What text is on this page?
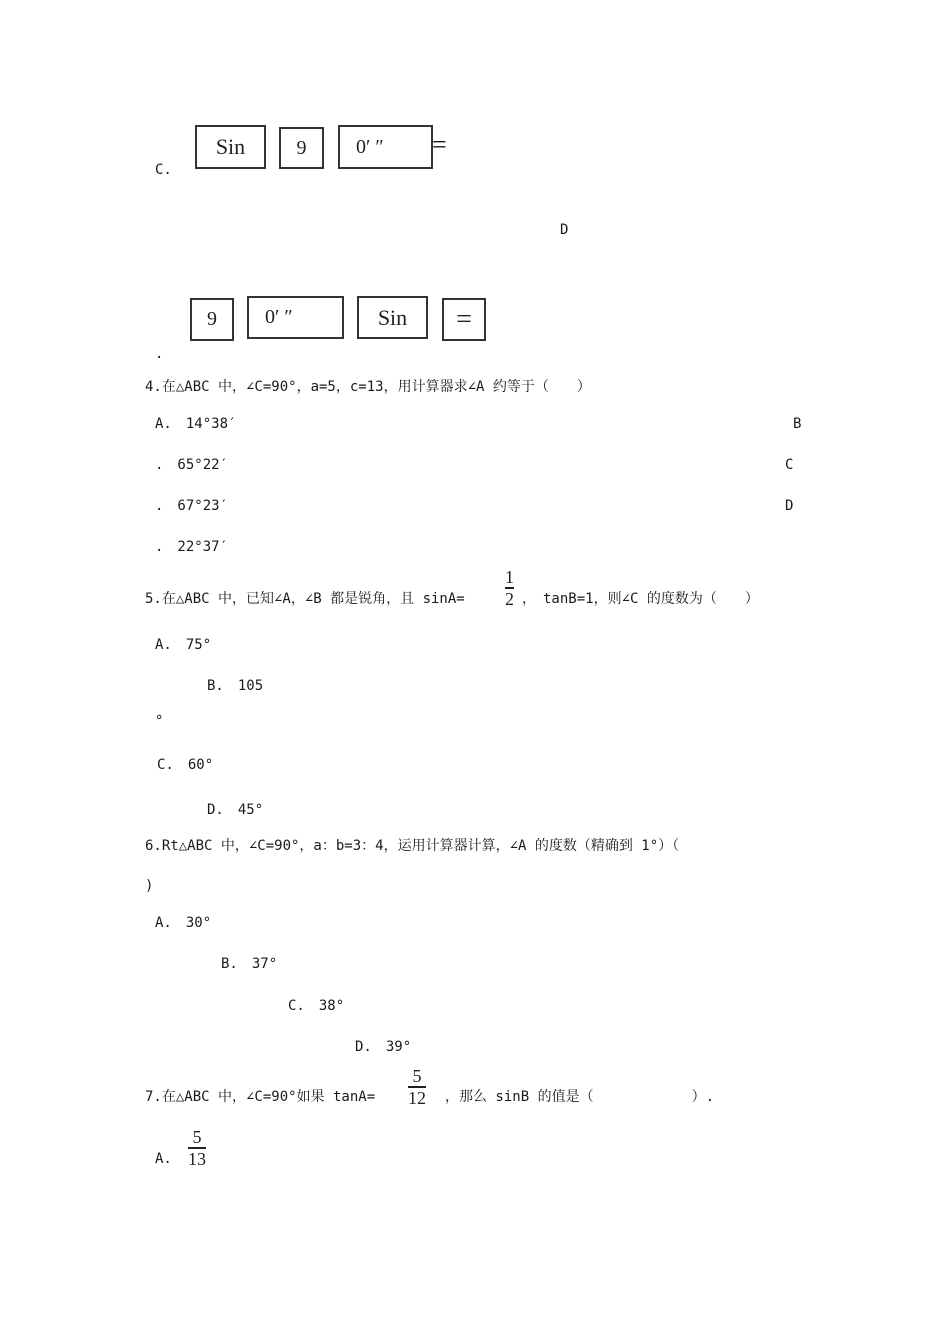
C.
Sin	9	0′ ″	=
D
9	0′ ″	Sin	=
.
4.在△ABC 中，∠C=90°，a=5，c=13，用计算器求∠A 约等于（　　）
A.　14°38′	B
.　65°22′	C
.　67°23′	D
.　22°37′
5.在△ABC 中，已知∠A，∠B 都是锐角，且 sinA=
1
2 ，　tanB=1，则∠C 的度数为（　　）
A.　75°
B.　105
°
C.　60°
D.　45°
6.Rt△ABC 中，∠C=90°，a：b=3：4，运用计算器计算，∠A 的度数（精确到 1°）（
)
A.　30°
B.　37°
C.　38°
D.　39°
7.在△ABC 中，∠C=90°如果 tanA=
5
12 ，那么 sinB 的值是（　　　　　　　）.
A.
5
13
